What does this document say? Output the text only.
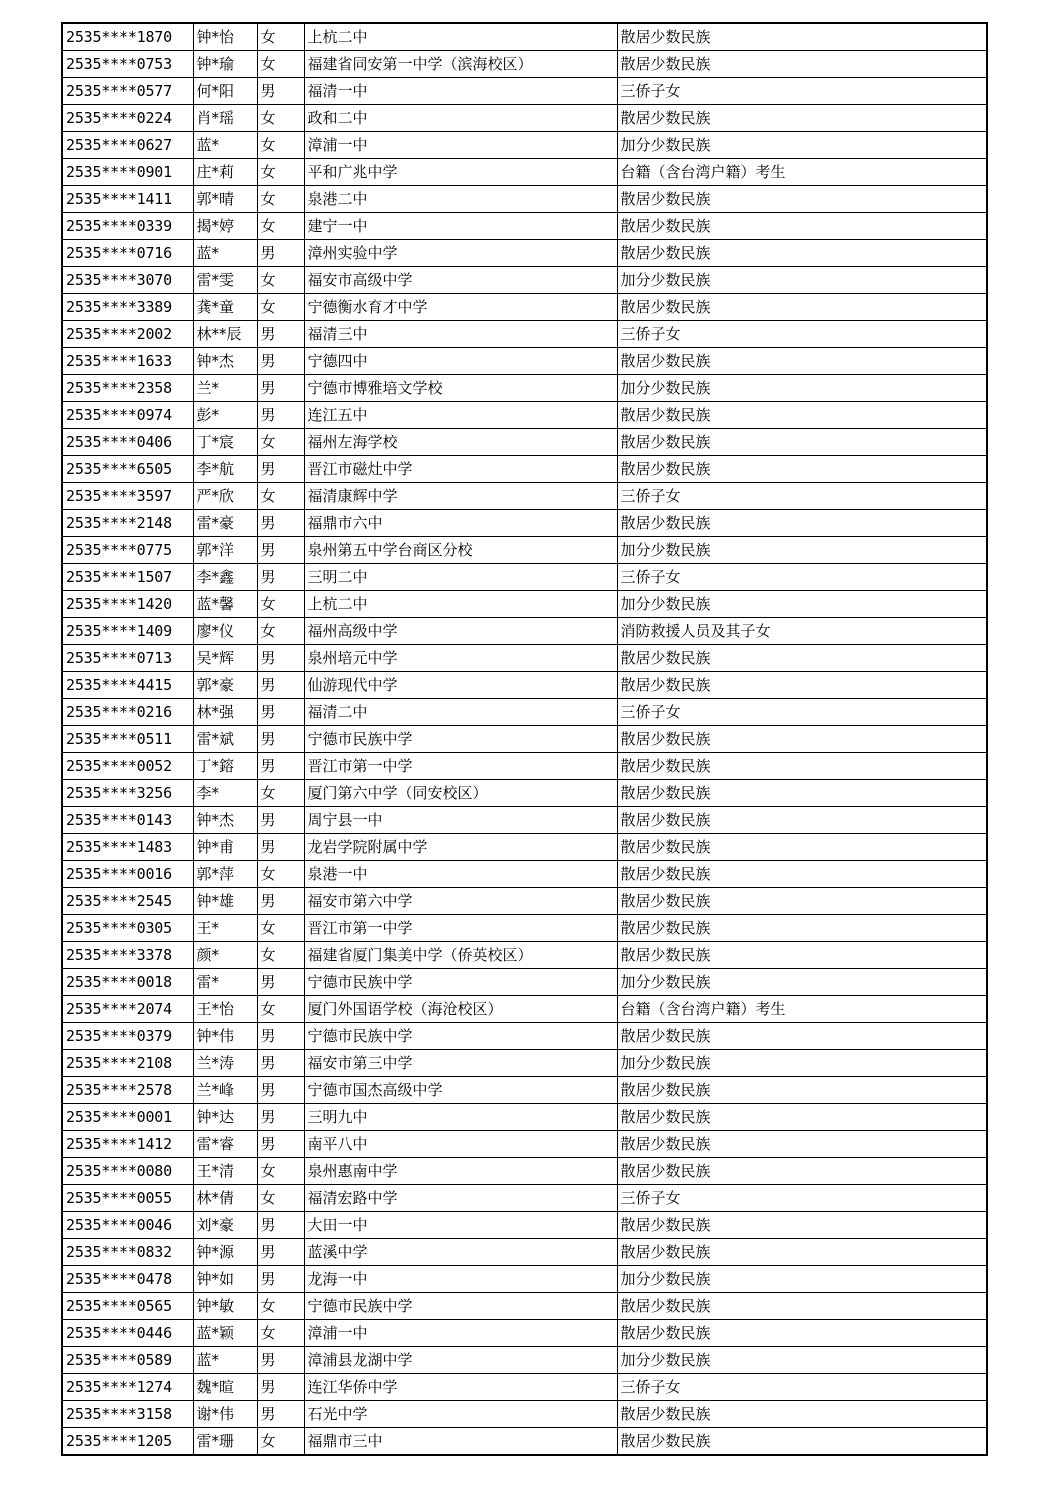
2535****1870	钟*怡	女	上杭二中	散居少数民族
2535****0753	钟*瑜	女	福建省同安第一中学（滨海校区）	散居少数民族
2535****0577	何*阳	男	福清一中	三侨子女
2535****0224	肖*瑶	女	政和二中	散居少数民族
2535****0627	蓝*	女	漳浦一中	加分少数民族
2535****0901	庄*莉	女	平和广兆中学	台籍（含台湾户籍）考生
2535****1411	郭*晴	女	泉港二中	散居少数民族
2535****0339	揭*婷	女	建宁一中	散居少数民族
2535****0716	蓝*	男	漳州实验中学	散居少数民族
2535****3070	雷*雯	女	福安市高级中学	加分少数民族
2535****3389	龚*童	女	宁德衡水育才中学	散居少数民族
2535****2002	林**辰	男	福清三中	三侨子女
2535****1633	钟*杰	男	宁德四中	散居少数民族
2535****2358	兰*	男	宁德市博雅培文学校	加分少数民族
2535****0974	彭*	男	连江五中	散居少数民族
2535****0406	丁*宸	女	福州左海学校	散居少数民族
2535****6505	李*航	男	晋江市磁灶中学	散居少数民族
2535****3597	严*欣	女	福清康辉中学	三侨子女
2535****2148	雷*豪	男	福鼎市六中	散居少数民族
2535****0775	郭*洋	男	泉州第五中学台商区分校	加分少数民族
2535****1507	李*鑫	男	三明二中	三侨子女
2535****1420	蓝*馨	女	上杭二中	加分少数民族
2535****1409	廖*仪	女	福州高级中学	消防救援人员及其子女
2535****0713	吴*辉	男	泉州培元中学	散居少数民族
2535****4415	郭*豪	男	仙游现代中学	散居少数民族
2535****0216	林*强	男	福清二中	三侨子女
2535****0511	雷*斌	男	宁德市民族中学	散居少数民族
2535****0052	丁*鎔	男	晋江市第一中学	散居少数民族
2535****3256	李*	女	厦门第六中学（同安校区）	散居少数民族
2535****0143	钟*杰	男	周宁县一中	散居少数民族
2535****1483	钟*甫	男	龙岩学院附属中学	散居少数民族
2535****0016	郭*萍	女	泉港一中	散居少数民族
2535****2545	钟*雄	男	福安市第六中学	散居少数民族
2535****0305	王*	女	晋江市第一中学	散居少数民族
2535****3378	颜*	女	福建省厦门集美中学（侨英校区）	散居少数民族
2535****0018	雷*	男	宁德市民族中学	加分少数民族
2535****2074	王*怡	女	厦门外国语学校（海沧校区）	台籍（含台湾户籍）考生
2535****0379	钟*伟	男	宁德市民族中学	散居少数民族
2535****2108	兰*涛	男	福安市第三中学	加分少数民族
2535****2578	兰*峰	男	宁德市国杰高级中学	散居少数民族
2535****0001	钟*达	男	三明九中	散居少数民族
2535****1412	雷*睿	男	南平八中	散居少数民族
2535****0080	王*清	女	泉州惠南中学	散居少数民族
2535****0055	林*倩	女	福清宏路中学	三侨子女
2535****0046	刘*豪	男	大田一中	散居少数民族
2535****0832	钟*源	男	蓝溪中学	散居少数民族
2535****0478	钟*如	男	龙海一中	加分少数民族
2535****0565	钟*敏	女	宁德市民族中学	散居少数民族
2535****0446	蓝*颖	女	漳浦一中	散居少数民族
2535****0589	蓝*	男	漳浦县龙湖中学	加分少数民族
2535****1274	魏*暄	男	连江华侨中学	三侨子女
2535****3158	谢*伟	男	石光中学	散居少数民族
2535****1205	雷*珊	女	福鼎市三中	散居少数民族
